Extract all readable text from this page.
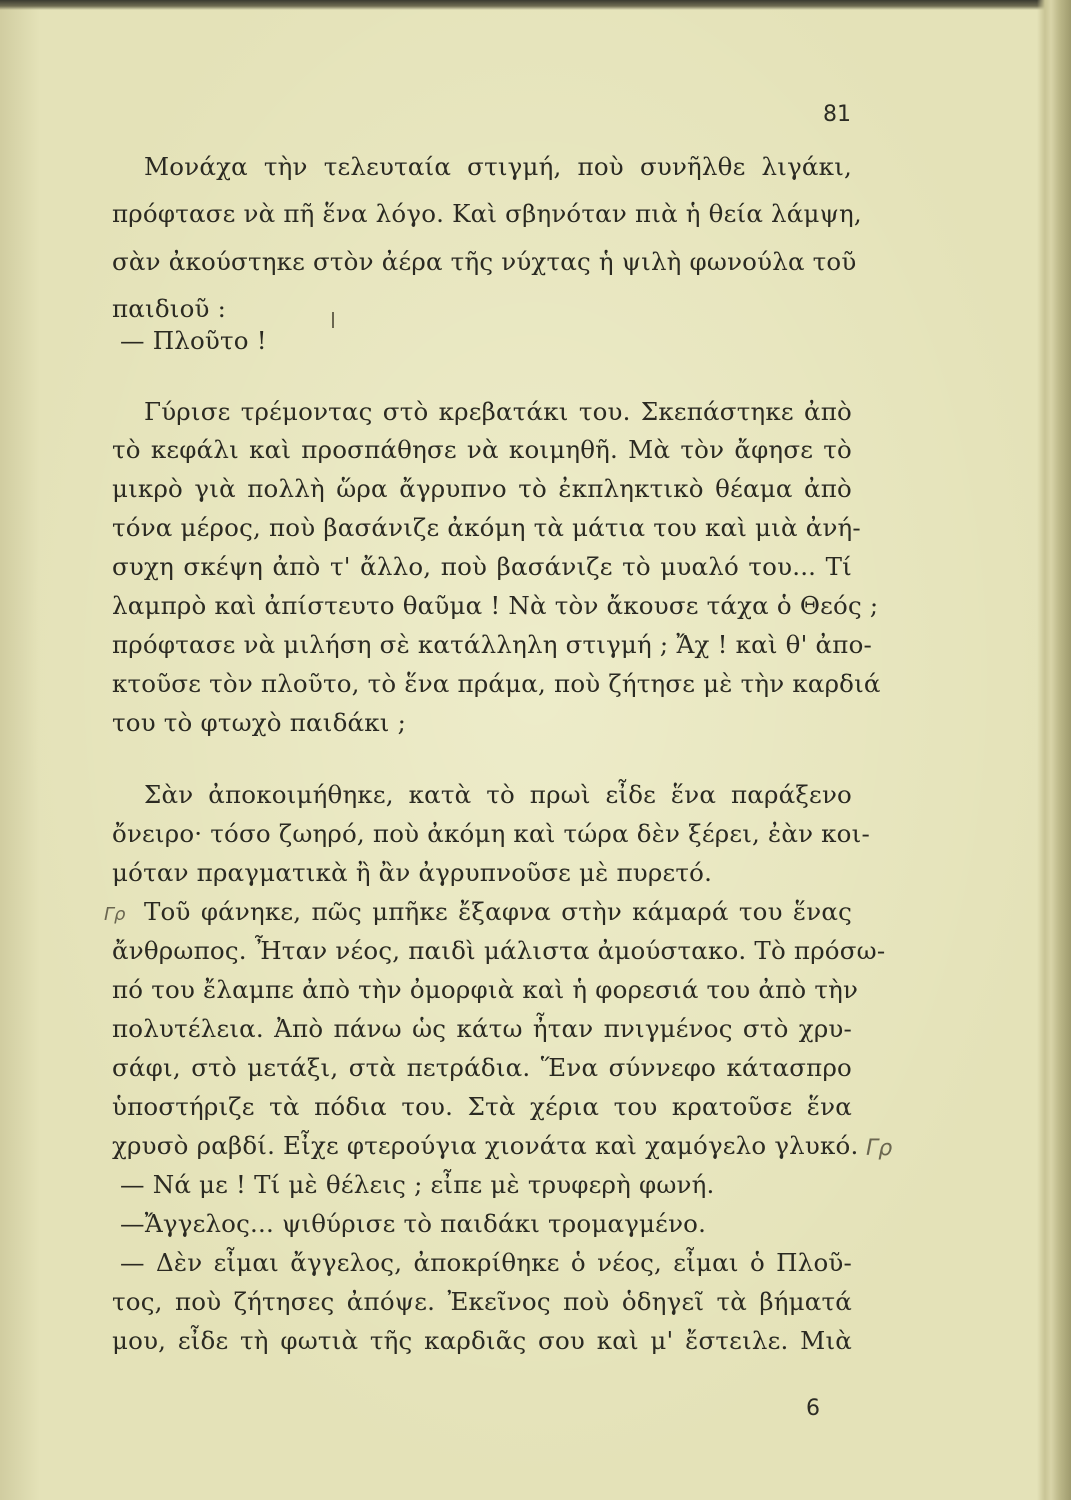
81
Μονάχα τὴν τελευταία στιγμή, ποὺ συνῆλθε λιγάκι,
πρόφτασε νὰ πῆ ἕνα λόγο. Καὶ σβηνόταν πιὰ ἡ θεία λάμψη,
σὰν ἀκούστηκε στὸν ἀέρα τῆς νύχτας ἡ ψιλὴ φωνούλα τοῦ
παιδιοῦ :
— Πλοῦτο !
Γύρισε τρέμοντας στὸ κρεβατάκι του. Σκεπάστηκε ἀπὸ
τὸ κεφάλι καὶ προσπάθησε νὰ κοιμηθῆ. Μὰ τὸν ἄφησε τὸ
μικρὸ γιὰ πολλὴ ὥρα ἄγρυπνο τὸ ἐκπληκτικὸ θέαμα ἀπὸ
τόνα μέρος, ποὺ βασάνιζε ἀκόμη τὰ μάτια του καὶ μιὰ ἀνή-
συχη σκέψη ἀπὸ τ' ἄλλο, ποὺ βασάνιζε τὸ μυαλό του... Τί
λαμπρὸ καὶ ἀπίστευτο θαῦμα ! Νὰ τὸν ἄκουσε τάχα ὁ Θεός ;
πρόφτασε νὰ μιλήση σὲ κατάλληλη στιγμή ; Ἄχ ! καὶ θ' ἀπο-
κτοῦσε τὸν πλοῦτο, τὸ ἕνα πράμα, ποὺ ζήτησε μὲ τὴν καρδιά
του τὸ φτωχὸ παιδάκι ;
Σὰν ἀποκοιμήθηκε, κατὰ τὸ πρωὶ εἶδε ἕνα παράξενο
ὄνειρο· τόσο ζωηρό, ποὺ ἀκόμη καὶ τώρα δὲν ξέρει, ἐὰν κοι-
μόταν πραγματικὰ ἢ ἂν ἀγρυπνοῦσε μὲ πυρετό.
Τοῦ φάνηκε, πῶς μπῆκε ἔξαφνα στὴν κάμαρά του ἕνας
ἄνθρωπος. Ἦταν νέος, παιδὶ μάλιστα ἀμούστακο. Τὸ πρόσω-
πό του ἔλαμπε ἀπὸ τὴν ὀμορφιὰ καὶ ἡ φορεσιά του ἀπὸ τὴν
πολυτέλεια. Ἀπὸ πάνω ὡς κάτω ἦταν πνιγμένος στὸ χρυ-
σάφι, στὸ μετάξι, στὰ πετράδια. Ἕνα σύννεφο κάτασπρο
ὑποστήριζε τὰ πόδια του. Στὰ χέρια του κρατοῦσε ἕνα
χρυσὸ ραβδί. Εἶχε φτερούγια χιονάτα καὶ χαμόγελο γλυκό.
— Νά με ! Τί μὲ θέλεις ; εἶπε μὲ τρυφερὴ φωνή.
—Ἄγγελος... ψιθύρισε τὸ παιδάκι τρομαγμένο.
— Δὲν εἶμαι ἄγγελος, ἀποκρίθηκε ὁ νέος, εἶμαι ὁ Πλοῦ-
τος, ποὺ ζήτησες ἀπόψε. Ἐκεῖνος ποὺ ὁδηγεῖ τὰ βήματά
μου, εἶδε τὴ φωτιὰ τῆς καρδιᾶς σου καὶ μ' ἔστειλε. Μιὰ
Γρ
Γρ
6
